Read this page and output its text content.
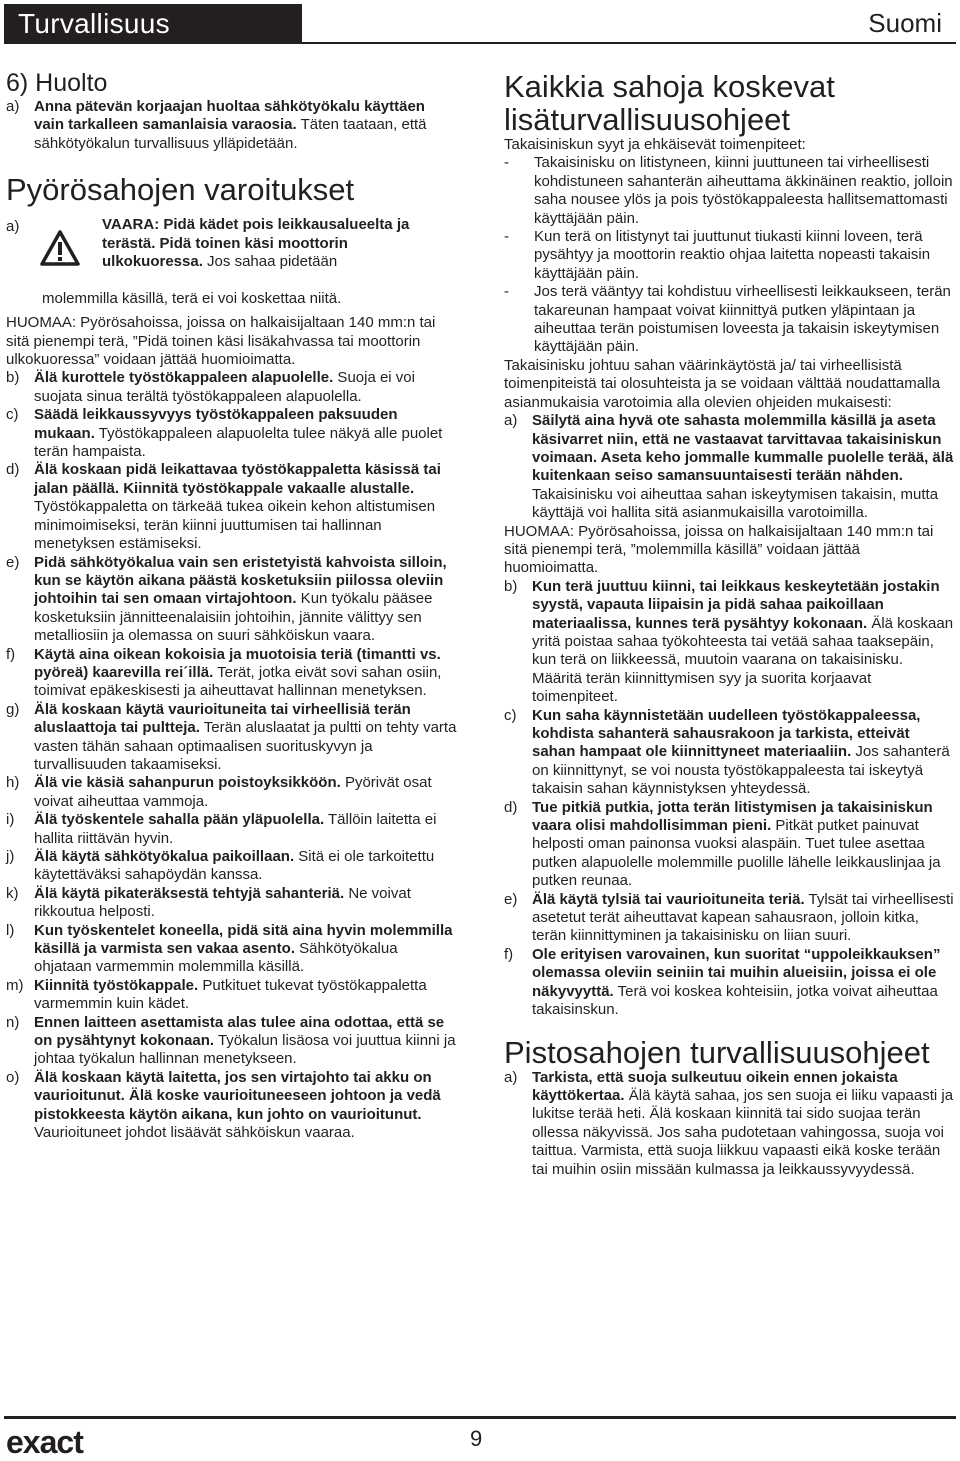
Turvallisuus	Suomi
6) Huolto
a) Anna pätevän korjaajan huoltaa sähkötyökalu käyttäen vain tarkalleen samanlaisia varaosia. Täten taataan, että sähkötyökalun turvallisuus ylläpidetään.
Pyörösahojen varoitukset
a)	VAARA: Pidä kädet pois leikkausalueelta ja terästä. Pidä toinen käsi moottorin ulkokuoressa. Jos sahaa pidetään
molemmilla käsillä, terä ei voi koskettaa niitä.

HUOMAA: Pyörösahoissa, joissa on halkaisijaltaan 140 mm:n tai sitä pienempi terä, ”Pidä toinen käsi lisäkahvassa tai moottorin ulkokuoressa” voidaan jättää huomioimatta.

b) Älä kurottele työstökappaleen alapuolelle. Suoja ei voi suojata sinua terältä työstökappaleen alapuolella.
c) Säädä leikkaussyvyys työstökappaleen paksuuden mukaan. Työstökappaleen alapuolelta tulee näkyä alle puolet terän hampaista.
d) Älä koskaan pidä leikattavaa työstökappaletta käsissä tai jalan päällä. Kiinnitä työstökappale vakaalle alustalle. Työstökappaletta on tärkeää tukea oikein kehon altistumisen minimoimiseksi, terän kiinni juuttumisen tai hallinnan menetyksen estämiseksi.
e) Pidä sähkötyökalua vain sen eristetyistä kahvoista silloin, kun se käytön aikana päästä kosketuksiin piilossa oleviin johtoihin tai sen omaan virtajohtoon. Kun työkalu pääsee kosketuksiin jännitteenalaisiin johtoihin, jännite välittyy sen metalliosiin ja olemassa on suuri sähköiskun vaara.
f) Käytä aina oikean kokoisia ja muotoisia teriä (timantti vs. pyöreä) kaarevilla rei´illä. Terät, jotka eivät sovi sahan osiin, toimivat epäkeskisesti ja aiheuttavat hallinnan menetyksen.
g) Älä koskaan käytä vaurioituneita tai virheellisiä terän aluslaattoja tai pultteja. Terän aluslaatat ja pultti on tehty varta vasten tähän sahaan optimaalisen suorituskyvyn ja turvallisuuden takaamiseksi.
h) Älä vie käsiä sahanpurun poistoyksikköön. Pyörivät osat voivat aiheuttaa vammoja.
i) Älä työskentele sahalla pään yläpuolella. Tällöin laitetta ei hallita riittävän hyvin.
j) Älä käytä sähkötyökalua paikoillaan. Sitä ei ole tarkoitettu käytettäväksi sahapöydän kanssa.
k) Älä käytä pikateräksestä tehtyjä sahanteriä. Ne voivat rikkoutua helposti.
l) Kun työskentelet koneella, pidä sitä aina hyvin molemmilla käsillä ja varmista sen vakaa asento. Sähkötyökalua ohjataan varmemmin molemmilla käsillä.
m) Kiinnitä työstökappale. Putkituet tukevat työstökappaletta varmemmin kuin kädet.
n) Ennen laitteen asettamista alas tulee aina odottaa, että se on pysähtynyt kokonaan. Työkalun lisäosa voi juuttua kiinni ja johtaa työkalun hallinnan menetykseen.
o) Älä koskaan käytä laitetta, jos sen virtajohto tai akku on vaurioitunut. Älä koske vaurioituneeseen johtoon ja vedä pistokkeesta käytön aikana, kun johto on vaurioitunut. Vaurioituneet johdot lisäävät sähköiskun vaaraa.
Kaikkia sahoja koskevat lisäturvallisuusohjeet

Takaisiniskun syyt ja ehkäisevät toimenpiteet:

- Takaisinisku on litistyneen, kiinni juuttuneen tai virheellisesti kohdistuneen sahanterän aiheuttama äkkinäinen reaktio, jolloin saha nousee ylös ja pois työstökappaleesta hallitsemattomasti käyttäjään päin.
- Kun terä on litistynyt tai juuttunut tiukasti kiinni loveen, terä pysähtyy ja moottorin reaktio ohjaa laitetta nopeasti takaisin käyttäjään päin.
- Jos terä vääntyy tai kohdistuu virheellisesti leikkaukseen, terän takareunan hampaat voivat kiinnittyä putken yläpintaan ja aiheuttaa terän poistumisen loveesta ja takaisin iskeytymisen käyttäjään päin.

Takaisinisku johtuu sahan väärinkäytöstä ja/ tai virheellisistä toimenpiteistä tai olosuhteista ja se voidaan välttää noudattamalla asianmukaisia varotoimia alla olevien ohjeiden mukaisesti:

a) Säilytä aina hyvä ote sahasta molemmilla käsillä ja aseta käsivarret niin, että ne vastaavat tarvittavaa takaisiniskun voimaan. Aseta keho jommalle kummalle puolelle terää, älä kuitenkaan seiso samansuuntaisesti terään nähden. Takaisinisku voi aiheuttaa sahan iskeytymisen takaisin, mutta käyttäjä voi hallita sitä asianmukaisilla varotoimilla.

HUOMAA: Pyörösahoissa, joissa on halkaisijaltaan 140 mm:n tai sitä pienempi terä, ”molemmilla käsillä” voidaan jättää huomioimatta.

b) Kun terä juuttuu kiinni, tai leikkaus keskeytetään jostakin syystä, vapauta liipaisin ja pidä sahaa paikoillaan materiaalissa, kunnes terä pysähtyy kokonaan. Älä koskaan yritä poistaa sahaa työkohteesta tai vetää sahaa taaksepäin, kun terä on liikkeessä, muutoin vaarana on takaisinisku. Määritä terän kiinnittymisen syy ja suorita korjaavat toimenpiteet.
c) Kun saha käynnistetään uudelleen työstökappaleessa, kohdista sahanterä sahausrakoon ja tarkista, etteivät sahan hampaat ole kiinnittyneet materiaaliin. Jos sahanterä on kiinnittynyt, se voi nousta työstökappaleesta tai iskeytyä takaisin sahan käynnistyksen yhteydessä.
d) Tue pitkiä putkia, jotta terän litistymisen ja takaisiniskun vaara olisi mahdollisimman pieni. Pitkät putket painuvat helposti oman painonsa vuoksi alaspäin. Tuet tulee asettaa putken alapuolelle molemmille puolille lähelle leikkauslinjaa ja putken reunaa.
e) Älä käytä tylsiä tai vaurioituneita teriä. Tylsät tai virheellisesti asetetut terät aiheuttavat kapean sahausraon, jolloin kitka, terän kiinnittyminen ja takaisinisku on liian suuri.
f) Ole erityisen varovainen, kun suoritat “uppoleikkauksen” olemassa oleviin seiniin tai muihin alueisiin, joissa ei ole näkyvyyttä. Terä voi koskea kohteisiin, jotka voivat aiheuttaa takaisinskun.
Pistosahojen turvallisuusohjeet
a) Tarkista, että suoja sulkeutuu oikein ennen jokaista käyttökertaa. Älä käytä sahaa, jos sen suoja ei liiku vapaasti ja lukitse terää heti. Älä koskaan kiinnitä tai sido suojaa terän ollessa näkyvissä. Jos saha pudotetaan vahingossa, suoja voi taittua. Varmista, että suoja liikkuu vapaasti eikä koske terään tai muihin osiin missään kulmassa ja leikkaussyvyydessä.
exact	9
